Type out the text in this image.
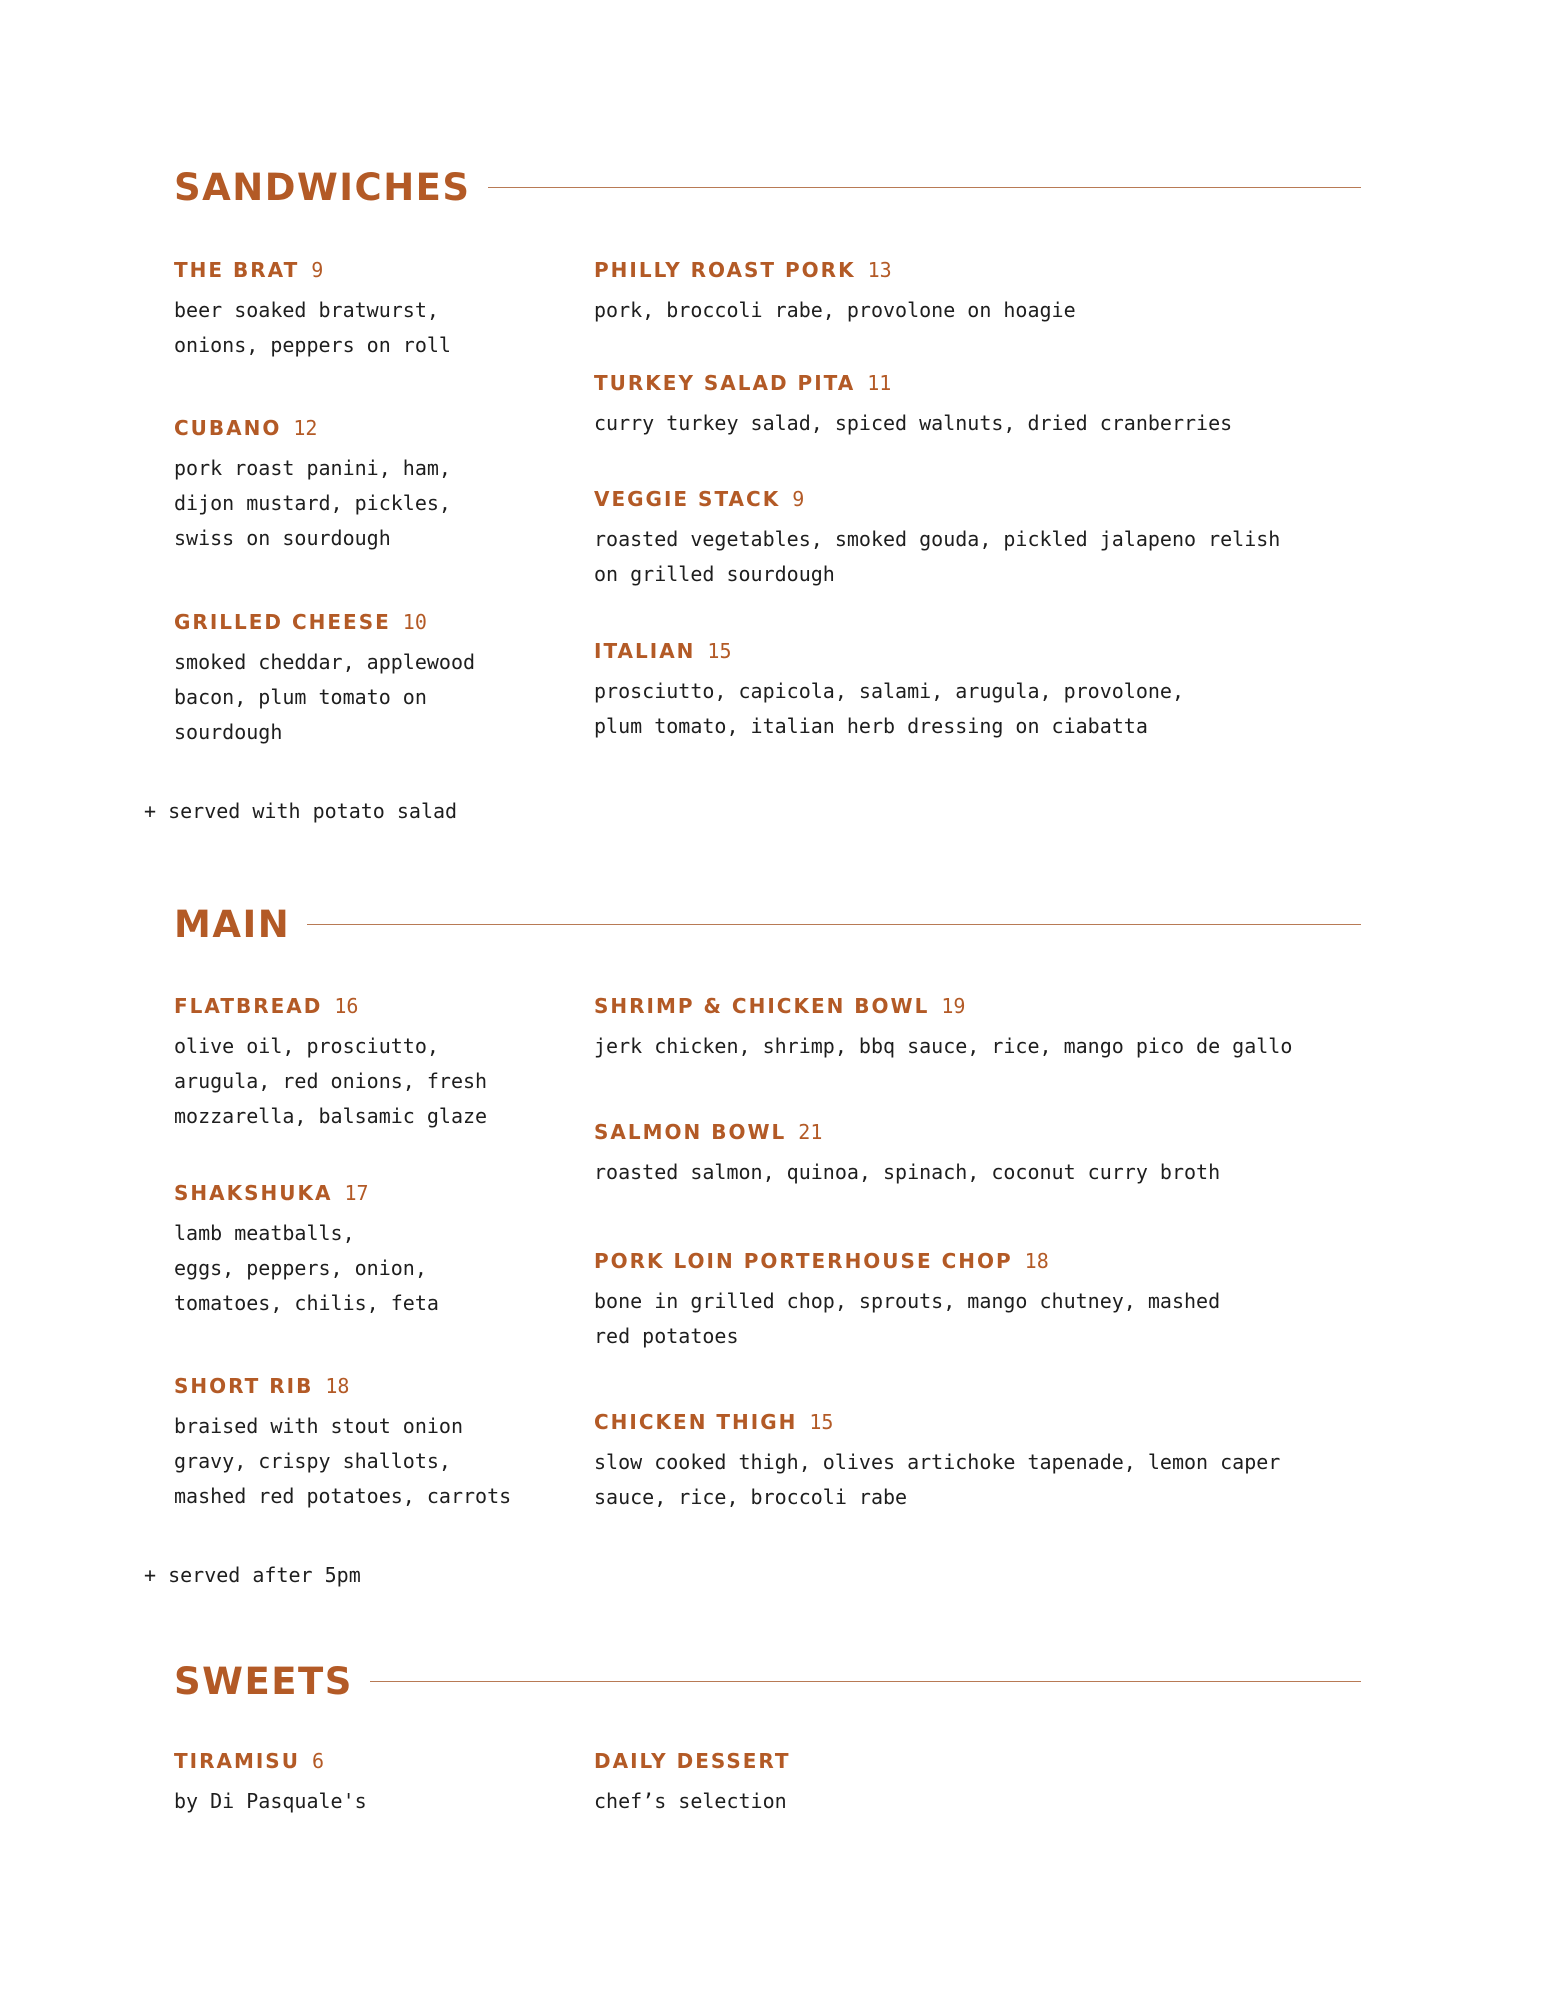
SANDWICHES
THE BRAT 9
beer soaked bratwurst,
onions, peppers on roll
CUBANO 12
pork roast panini, ham,
dijon mustard, pickles,
swiss on sourdough
GRILLED CHEESE 10
smoked cheddar, applewood
bacon, plum tomato on
sourdough
PHILLY ROAST PORK 13
pork, broccoli rabe, provolone on hoagie
TURKEY SALAD PITA 11
curry turkey salad, spiced walnuts, dried cranberries
VEGGIE STACK 9
roasted vegetables, smoked gouda, pickled jalapeno relish
on grilled sourdough
ITALIAN 15
prosciutto, capicola, salami, arugula, provolone,
plum tomato, italian herb dressing on ciabatta
+ served with potato salad
MAIN
FLATBREAD 16
olive oil, prosciutto,
arugula, red onions, fresh
mozzarella, balsamic glaze
SHAKSHUKA 17
lamb meatballs,
eggs, peppers, onion,
tomatoes, chilis, feta
SHORT RIB 18
braised with stout onion
gravy, crispy shallots,
mashed red potatoes, carrots
SHRIMP & CHICKEN BOWL 19
jerk chicken, shrimp, bbq sauce, rice, mango pico de gallo
SALMON BOWL 21
roasted salmon, quinoa, spinach, coconut curry broth
PORK LOIN PORTERHOUSE CHOP 18
bone in grilled chop, sprouts, mango chutney, mashed
red potatoes
CHICKEN THIGH 15
slow cooked thigh, olives artichoke tapenade, lemon caper
sauce, rice, broccoli rabe
+ served after 5pm
SWEETS
TIRAMISU 6
by Di Pasquale's
DAILY DESSERT
chef’s selection
